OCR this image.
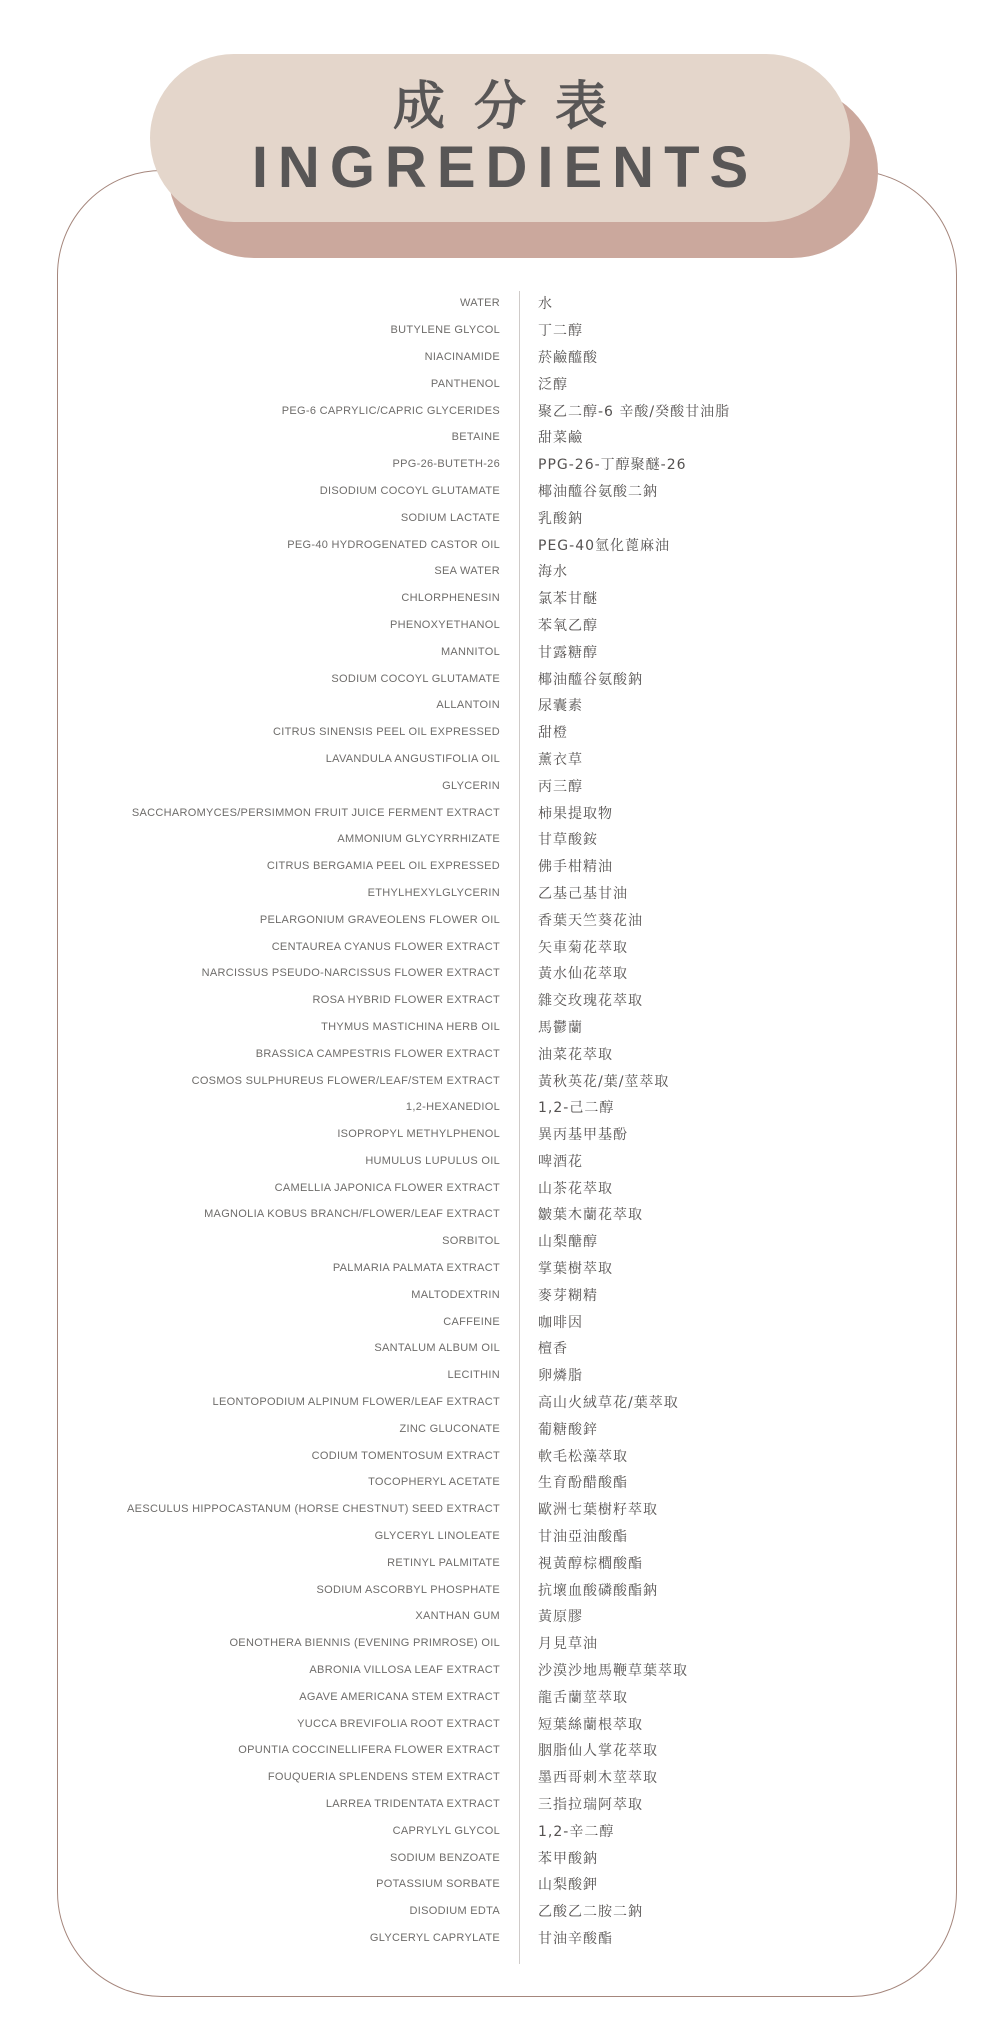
成分表
INGREDIENTS
WATER	水
BUTYLENE GLYCOL	丁二醇
NIACINAMIDE	菸鹼醯酸
PANTHENOL	泛醇
PEG-6 CAPRYLIC/CAPRIC GLYCERIDES	聚乙二醇-6 辛酸/癸酸甘油脂
BETAINE	甜菜鹼
PPG-26-BUTETH-26	PPG-26-丁醇聚醚-26
DISODIUM COCOYL GLUTAMATE	椰油醯谷氨酸二鈉
SODIUM LACTATE	乳酸鈉
PEG-40 HYDROGENATED CASTOR OIL	PEG-40氫化蓖麻油
SEA WATER	海水
CHLORPHENESIN	氯苯甘醚
PHENOXYETHANOL	苯氧乙醇
MANNITOL	甘露糖醇
SODIUM COCOYL GLUTAMATE	椰油醯谷氨酸鈉
ALLANTOIN	尿囊素
CITRUS SINENSIS PEEL OIL EXPRESSED	甜橙
LAVANDULA ANGUSTIFOLIA OIL	薰衣草
GLYCERIN	丙三醇
SACCHAROMYCES/PERSIMMON FRUIT JUICE FERMENT EXTRACT	柿果提取物
AMMONIUM GLYCYRRHIZATE	甘草酸銨
CITRUS BERGAMIA PEEL OIL EXPRESSED	佛手柑精油
ETHYLHEXYLGLYCERIN	乙基己基甘油
PELARGONIUM GRAVEOLENS FLOWER OIL	香葉天竺葵花油
CENTAUREA CYANUS FLOWER EXTRACT	矢車菊花萃取
NARCISSUS PSEUDO-NARCISSUS FLOWER EXTRACT	黃水仙花萃取
ROSA HYBRID FLOWER EXTRACT	雜交玫瑰花萃取
THYMUS MASTICHINA HERB OIL	馬鬱蘭
BRASSICA CAMPESTRIS FLOWER EXTRACT	油菜花萃取
COSMOS SULPHUREUS FLOWER/LEAF/STEM EXTRACT	黃秋英花/葉/莖萃取
1,2-HEXANEDIOL	1,2-己二醇
ISOPROPYL METHYLPHENOL	異丙基甲基酚
HUMULUS LUPULUS OIL	啤酒花
CAMELLIA JAPONICA FLOWER EXTRACT	山茶花萃取
MAGNOLIA KOBUS BRANCH/FLOWER/LEAF EXTRACT	皺葉木蘭花萃取
SORBITOL	山梨醣醇
PALMARIA PALMATA EXTRACT	掌葉樹萃取
MALTODEXTRIN	麥芽糊精
CAFFEINE	咖啡因
SANTALUM ALBUM OIL	檀香
LECITHIN	卵燐脂
LEONTOPODIUM ALPINUM FLOWER/LEAF EXTRACT	高山火絨草花/葉萃取
ZINC GLUCONATE	葡糖酸鋅
CODIUM TOMENTOSUM EXTRACT	軟毛松藻萃取
TOCOPHERYL ACETATE	生育酚醋酸酯
AESCULUS HIPPOCASTANUM (HORSE CHESTNUT) SEED EXTRACT	歐洲七葉樹籽萃取
GLYCERYL LINOLEATE	甘油亞油酸酯
RETINYL PALMITATE	視黃醇棕櫚酸酯
SODIUM ASCORBYL PHOSPHATE	抗壞血酸磷酸酯鈉
XANTHAN GUM	黃原膠
OENOTHERA BIENNIS (EVENING PRIMROSE) OIL	月見草油
ABRONIA VILLOSA LEAF EXTRACT	沙漠沙地馬鞭草葉萃取
AGAVE AMERICANA STEM EXTRACT	龍舌蘭莖萃取
YUCCA BREVIFOLIA ROOT EXTRACT	短葉絲蘭根萃取
OPUNTIA COCCINELLIFERA FLOWER EXTRACT	胭脂仙人掌花萃取
FOUQUERIA SPLENDENS STEM EXTRACT	墨西哥刺木莖萃取
LARREA TRIDENTATA EXTRACT	三指拉瑞阿萃取
CAPRYLYL GLYCOL	1,2-辛二醇
SODIUM BENZOATE	苯甲酸鈉
POTASSIUM SORBATE	山梨酸鉀
DISODIUM EDTA	乙酸乙二胺二鈉
GLYCERYL CAPRYLATE	甘油辛酸酯
